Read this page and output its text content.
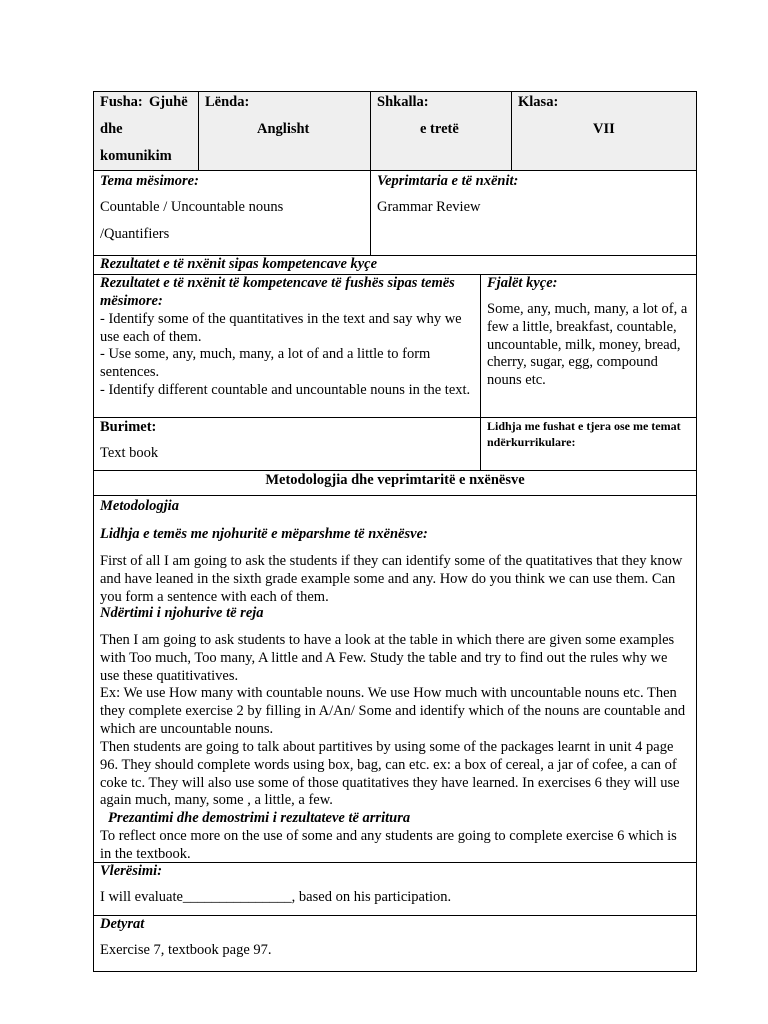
Fusha: Gjuhë
dhe
komunikim
Lënda:
Anglisht
Shkalla:
e tretë
Klasa:
VII
Tema mësimore:
Countable / Uncountable nouns
/Quantifiers
Veprimtaria e të nxënit:
Grammar Review
Rezultatet e të nxënit sipas kompetencave kyçe
Rezultatet e të nxënit të kompetencave të fushës sipas temës mësimore:
- Identify some of the quantitatives in the text and say why we use each of them.
- Use some, any, much, many, a lot of and a little to form sentences.
- Identify different countable and uncountable nouns in the text.
Fjalët kyçe:
Some, any, much, many, a lot of, a few a little, breakfast, countable, uncountable, milk, money, bread, cherry, sugar, egg, compound nouns etc.
Burimet:
Text book
Lidhja me fushat e tjera ose me temat ndërkurrikulare:
Metodologjia dhe veprimtaritë e nxënësve
Metodologjia
Lidhja e temës me njohuritë e mëparshme të nxënësve:
First of all I am going to ask the students if they can identify some of the quatitatives that they know and have leaned in the sixth grade example some and any. How do you think we can use them. Can you form a sentence with each of them.
Ndërtimi i njohurive të reja
Then I am going to ask students to have a look at the table in which there are given some examples with Too much, Too many, A little and A Few. Study the table and try to find out the rules why we use these quatitivatives.
Ex: We use How many with countable nouns. We use How much with uncountable nouns etc. Then they complete exercise 2 by filling in A/An/ Some and identify which of the nouns are countable and which are uncountable nouns.
Then students are going to talk about partitives by using some of the packages learnt in unit 4 page 96. They should complete words using box, bag, can etc. ex: a box of cereal, a jar of cofee, a can of coke tc. They will also use some of those quatitatives they have learned. In exercises 6 they will use again much, many, some , a little, a few.
Prezantimi dhe demostrimi i rezultateve të arritura
To reflect once more on the use of some and any students are going to complete exercise 6 which is in the textbook.
Vlerësimi:
I will evaluate_______________, based on his participation.
Detyrat
Exercise 7, textbook page 97.
